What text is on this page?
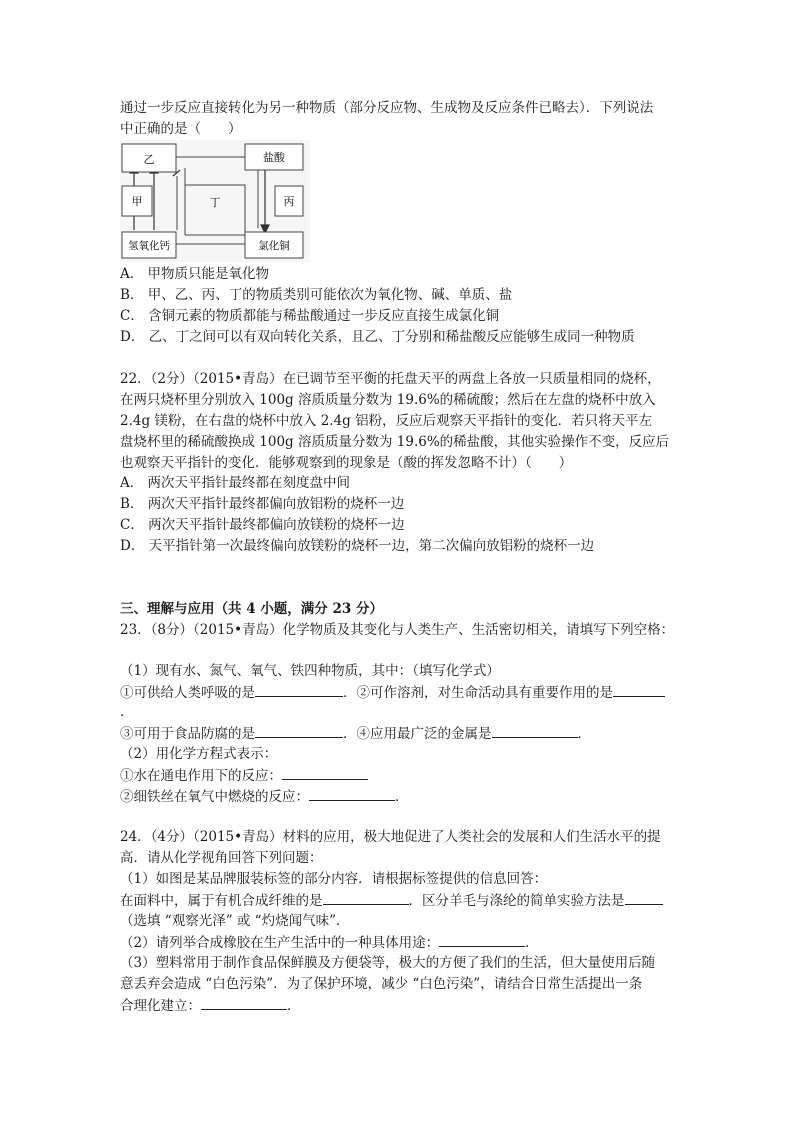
通过一步反应直接转化为另一种物质（部分反应物、生成物及反应条件已略去）．下列说法
中正确的是（　　）
乙	盐酸
甲	丁	丙
氢氧化钙	氯化铜
A． 甲物质只能是氧化物
B． 甲、乙、丙、丁的物质类别可能依次为氧化物、碱、单质、盐
C． 含铜元素的物质都能与稀盐酸通过一步反应直接生成氯化铜
D． 乙、丁之间可以有双向转化关系，且乙、丁分别和稀盐酸反应能够生成同一种物质
22．（2分）（2015•青岛）在已调节至平衡的托盘天平的两盘上各放一只质量相同的烧杯，
在两只烧杯里分别放入 100g 溶质质量分数为 19.6%的稀硫酸；然后在左盘的烧杯中放入
2.4g 镁粉，在右盘的烧杯中放入 2.4g 铝粉，反应后观察天平指针的变化．若只将天平左
盘烧杯里的稀硫酸换成 100g 溶质质量分数为 19.6%的稀盐酸，其他实验操作不变，反应后
也观察天平指针的变化．能够观察到的现象是（酸的挥发忽略不计）（　　）
A． 两次天平指针最终都在刻度盘中间
B． 两次天平指针最终都偏向放铝粉的烧杯一边
C． 两次天平指针最终都偏向放镁粉的烧杯一边
D． 天平指针第一次最终偏向放镁粉的烧杯一边，第二次偏向放铝粉的烧杯一边
三、理解与应用（共 4 小题，满分 23 分）
23．（8分）（2015•青岛）化学物质及其变化与人类生产、生活密切相关，请填写下列空格：
（1）现有水、氮气、氧气、铁四种物质，其中：（填写化学式）
①可供给人类呼吸的是	．②可作溶剂，对生命活动具有重要作用的是
．
③可用于食品防腐的是	．④应用最广泛的金属是	．
（2）用化学方程式表示：
①水在通电作用下的反应：
②细铁丝在氧气中燃烧的反应：	．
24．（4分）（2015•青岛）材料的应用，极大地促进了人类社会的发展和人们生活水平的提
高．请从化学视角回答下列问题：
（1）如图是某品牌服装标签的部分内容．请根据标签提供的信息回答：
在面料中，属于有机合成纤维的是	．区分羊毛与涤纶的简单实验方法是
（选填 “观察光泽” 或 “灼烧闻气味”．
（2）请列举合成橡胶在生产生活中的一种具体用途：	．
（3）塑料常用于制作食品保鲜膜及方便袋等，极大的方便了我们的生活，但大量使用后随
意丢弃会造成 “白色污染”．为了保护环境，减少 “白色污染”，请结合日常生活提出一条
合理化建立：	．
